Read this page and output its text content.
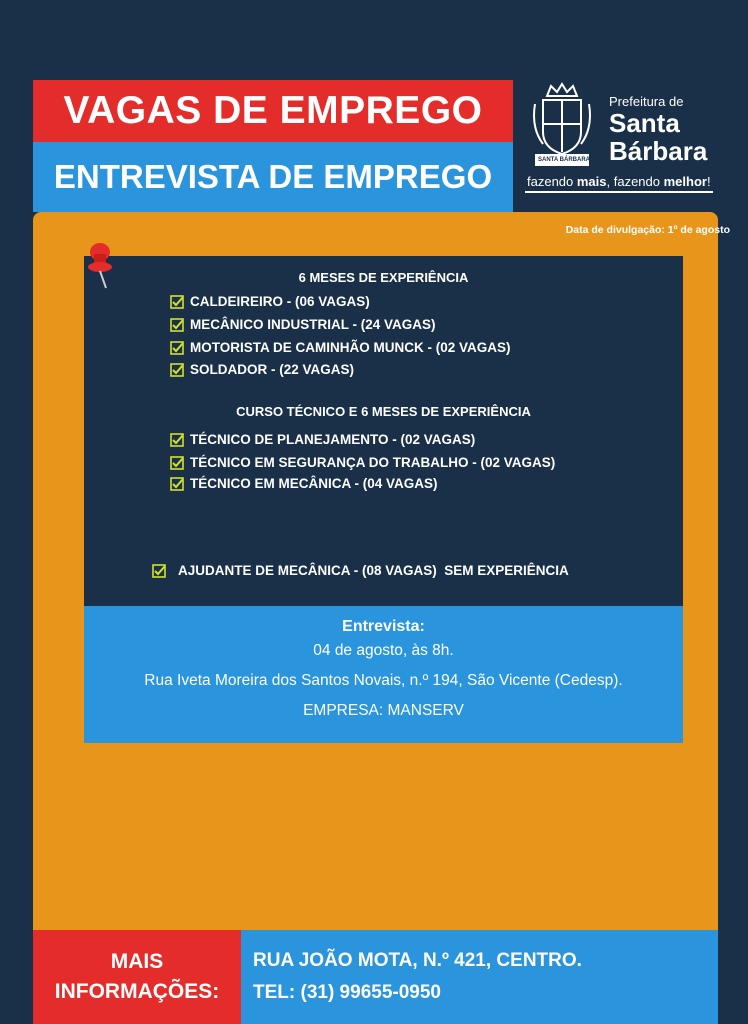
VAGAS DE EMPREGO
ENTREVISTA DE EMPREGO	SANTA BÁRBARA
Prefeitura de
Santa
Bárbara
fazendo mais, fazendo melhor!
Data de divulgação: 1º de agosto
6 MESES DE EXPERIÊNCIA
CALDEIREIRO - (06 VAGAS)
MECÂNICO INDUSTRIAL - (24 VAGAS)
MOTORISTA DE CAMINHÃO MUNCK - (02 VAGAS)
SOLDADOR - (22 VAGAS)
CURSO TÉCNICO E 6 MESES DE EXPERIÊNCIA
TÉCNICO DE PLANEJAMENTO - (02 VAGAS)
TÉCNICO EM SEGURANÇA DO TRABALHO - (02 VAGAS)
TÉCNICO EM MECÂNICA - (04 VAGAS)
AJUDANTE DE MECÂNICA - (08 VAGAS)  SEM EXPERIÊNCIA
Entrevista:
04 de agosto, às 8h.
Rua Iveta Moreira dos Santos Novais, n.º 194, São Vicente (Cedesp).
EMPRESA: MANSERV
MAIS
INFORMAÇÕES:
RUA JOÃO MOTA, N.º 421, CENTRO.
TEL: (31) 99655-0950
